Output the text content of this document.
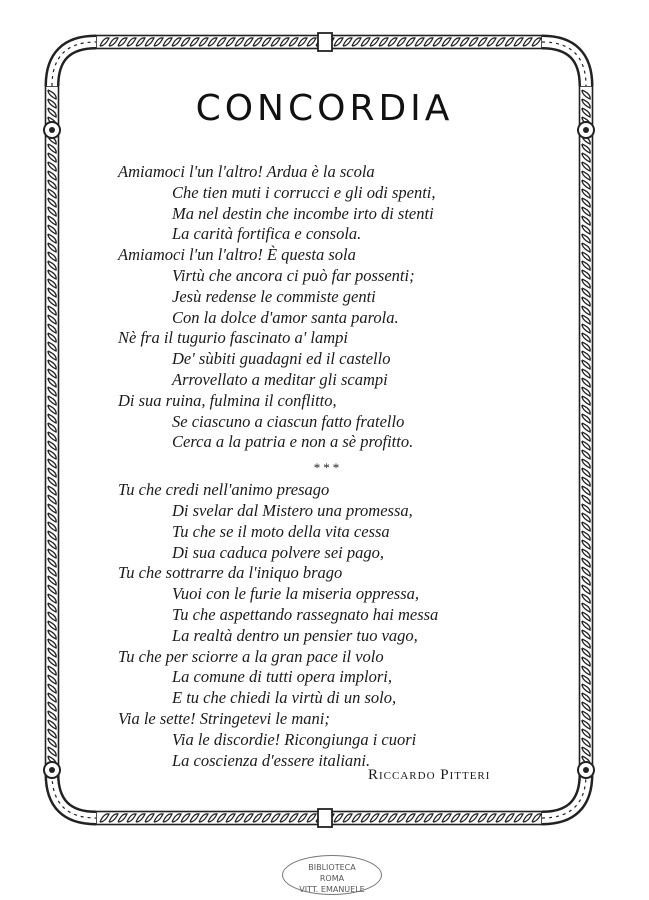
CONCORDIA
Amiamoci l'un l'altro! Ardua è la scola
Che tien muti i corrucci e gli odi spenti,
Ma nel destin che incombe irto di stenti
La carità fortifica e consola.
Amiamoci l'un l'altro! È questa sola
Virtù che ancora ci può far possenti;
Jesù redense le commiste genti
Con la dolce d'amor santa parola.
Nè fra il tugurio fascinato a' lampi
De' sùbiti guadagni ed il castello
Arrovellato a meditar gli scampi
Di sua ruina, fulmina il conflitto,
Se ciascuno a ciascun fatto fratello
Cerca a la patria e non a sè profitto.
***
Tu che credi nell'animo presago
Di svelar dal Mistero una promessa,
Tu che se il moto della vita cessa
Di sua caduca polvere sei pago,
Tu che sottrarre da l'iniquo brago
Vuoi con le furie la miseria oppressa,
Tu che aspettando rassegnato hai messa
La realtà dentro un pensier tuo vago,
Tu che per sciorre a la gran pace il volo
La comune di tutti opera implori,
E tu che chiedi la virtù di un solo,
Via le sette! Stringetevi le mani;
Via le discordie! Ricongiunga i cuori
La coscienza d'essere italiani.
Riccardo Pitteri
BIBLIOTECA
ROMA
VITT. EMANUELE
